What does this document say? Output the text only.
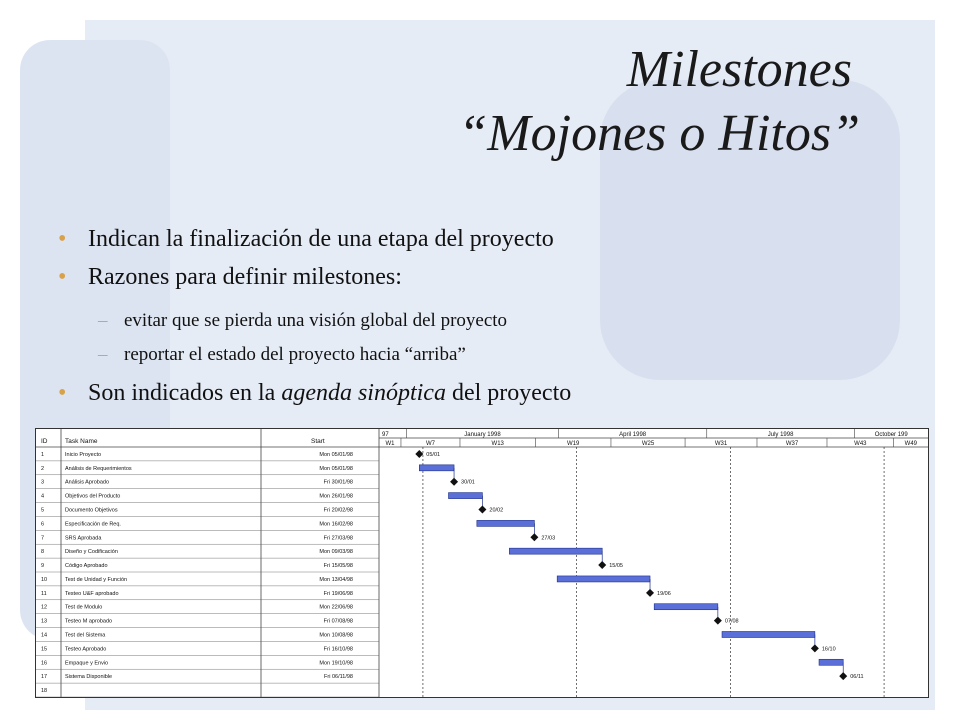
Milestones
“Mojones o Hitos”
• Indican la finalización de una etapa del proyecto
• Razones para definir milestones:
– evitar que se pierda una visión global del proyecto
– reportar el estado del proyecto hacia “arriba”
• Son indicados en la agenda sinóptica del proyecto
ID	Task Name	Start
97	January 1998	April 1998	July 1998	October 199
W1	W7	W13	W19	W25	W31	W37	W43	W49
1	Inicio Proyecto	Mon 05/01/98	05/01
2	Análisis de Requerimientos	Mon 05/01/98
3	Análisis Aprobado	Fri 30/01/98	30/01
4	Objetivos del Producto	Mon 26/01/98
5	Documento Objetivos	Fri 20/02/98	20/02
6	Especificación de Req.	Mon 16/02/98
7	SRS Aprobada	Fri 27/03/98	27/03
8	Diseño y Codificación	Mon 09/03/98
9	Código Aprobado	Fri 15/05/98	15/05
10	Test de Unidad y Función	Mon 13/04/98
11	Testeo U&F aprobado	Fri 19/06/98	19/06
12	Test de Modulo	Mon 22/06/98
13	Testeo M aprobado	Fri 07/08/98	07/08
14	Test del Sistema	Mon 10/08/98
15	Testeo Aprobado	Fri 16/10/98	16/10
16	Empaque y Envio	Mon 19/10/98
17	Sistema Disponible	Fri 06/11/98	06/11
18
